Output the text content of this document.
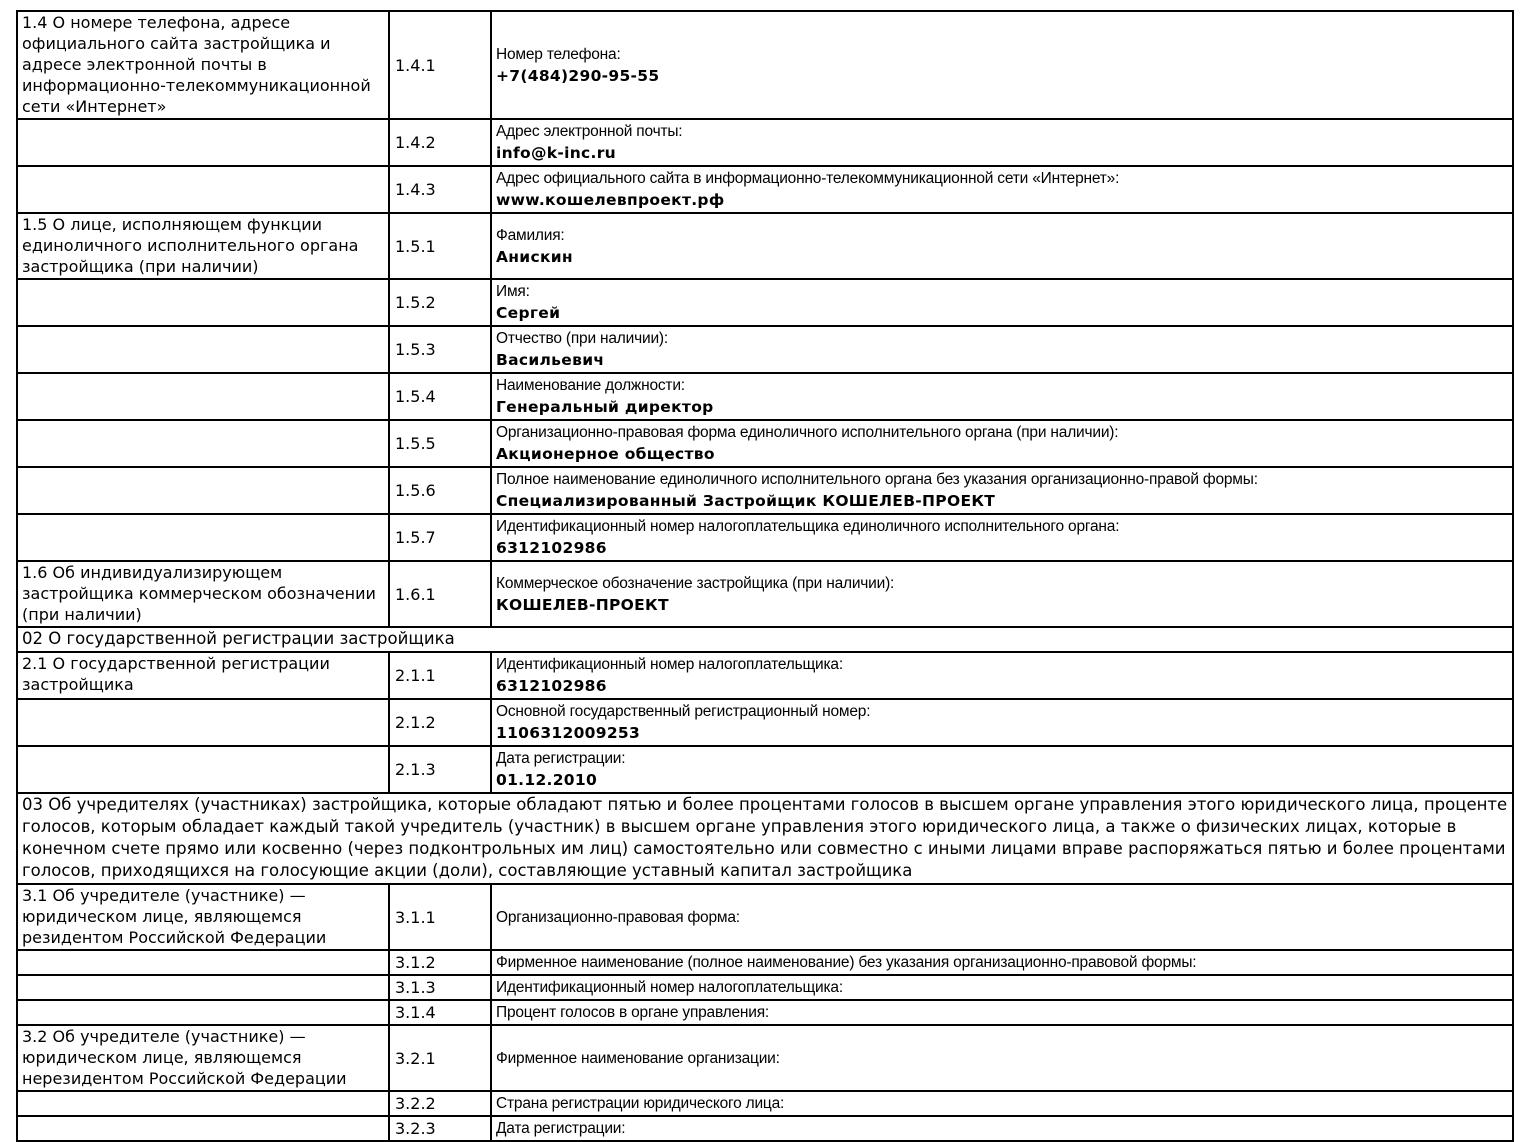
1.4 О номере телефона, адресе официального сайта застройщика и адресе электронной почты в информационно-телекоммуникационной сети «Интернет»	1.4.1	Номер телефона:
+7(484)290-95-55

	1.4.2	Адрес электронной почты:
info@k-inc.ru

	1.4.3	Адрес официального сайта в информационно-телекоммуникационной сети «Интернет»:
www.кошелевпроект.рф

1.5 О лице, исполняющем функции единоличного исполнительного органа застройщика (при наличии)	1.5.1	Фамилия:
Анискин

	1.5.2	Имя:
Сергей

	1.5.3	Отчество (при наличии):
Васильевич

	1.5.4	Наименование должности:
Генеральный директор

	1.5.5	Организационно-правовая форма единоличного исполнительного органа (при наличии):
Акционерное общество

	1.5.6	Полное наименование единоличного исполнительного органа без указания организационно-правой формы:
Специализированный Застройщик КОШЕЛЕВ-ПРОЕКТ

	1.5.7	Идентификационный номер налогоплательщика единоличного исполнительного органа:
6312102986

1.6 Об индивидуализирующем застройщика коммерческом обозначении (при наличии)	1.6.1	Коммерческое обозначение застройщика (при наличии):
КОШЕЛЕВ-ПРОЕКТ

02 О государственной регистрации застройщика		
2.1 О государственной регистрации застройщика	2.1.1	Идентификационный номер налогоплательщика:
6312102986

	2.1.2	Основной государственный регистрационный номер:
1106312009253

	2.1.3	Дата регистрации:
01.12.2010

03 Об учредителях (участниках) застройщика, которые обладают пятью и более процентами голосов в высшем органе управления этого юридического лица, проценте голосов, которым обладает каждый такой учредитель (участник) в высшем органе управления этого юридического лица, а также о физических лицах, которые в конечном счете прямо или косвенно (через подконтрольных им лиц) самостоятельно или совместно с иными лицами вправе распоряжаться пятью и более процентами голосов, приходящихся на голосующие акции (доли), составляющие уставный капитал застройщика		
3.1 Об учредителе (участнике) — юридическом лице, являющемся резидентом Российской Федерации	3.1.1	Организационно-правовая форма:

	3.1.2	Фирменное наименование (полное наименование) без указания организационно-правовой формы:

	3.1.3	Идентификационный номер налогоплательщика:

	3.1.4	Процент голосов в органе управления:

3.2 Об учредителе (участнике) — юридическом лице, являющемся нерезидентом Российской Федерации	3.2.1	Фирменное наименование организации:

	3.2.2	Страна регистрации юридического лица:

	3.2.3	Дата регистрации:
